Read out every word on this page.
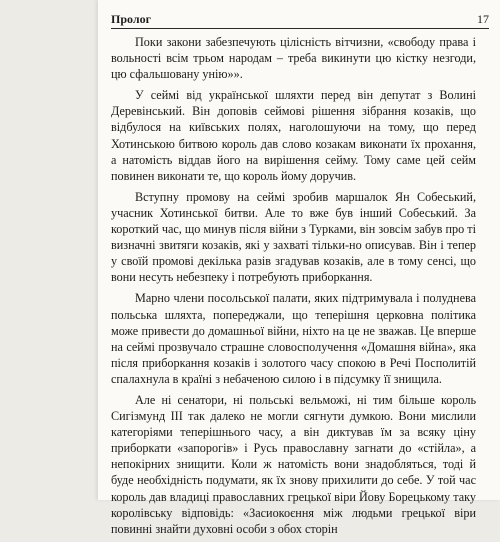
Пролог	17

Поки закони забезпечують цілісність вітчизни, «свободу права і вольності всім трьом народам – треба викинути цю кістку незгоди, цю сфальшовану унію»».

У сеймі від української шляхти перед він депутат з Волині Деревінський. Він доповів сеймові рішення зібрання козаків, що відбулося на київських полях, наголошуючи на тому, що перед Хотинською битвою король дав слово козакам виконати їх прохання, а натомість віддав його на вирішення сейму. Тому саме цей сейм повинен виконати те, що король йому доручив.

Вступну промову на сеймі зробив маршалок Ян Собеський, учасник Хотинської битви. Але то вже був інший Собеський. За короткий час, що минув після війни з Турками, він зовсім забув про ті визначні звитяги козаків, які у захваті тільки-но описував. Він і тепер у своїй промові декілька разів згадував козаків, але в тому сенсі, що вони несуть небезпеку і потребують приборкання.

Марно члени посольської палати, яких підтримувала і полуднева польська шляхта, попереджали, що теперішня церковна політика може привести до домашньої війни, ніхто на це не зважав. Це вперше на сеймі прозвучало страшне словосполучення «Домашня війна», яка після приборкання козаків і золотого часу спокою в Речі Посполитій спалахнула в країні з небаченою силою і в підсумку її знищила.

Але ні сенатори, ні польські вельможі, ні тим більше король Сигізмунд III так далеко не могли сягнути думкою. Вони мислили категоріями теперішнього часу, а він диктував їм за всяку ціну приборкати «запорогів» і Русь православну загнати до «стійла», а непокірних знищити. Коли ж натомість вони знадобляться, тоді й буде необхідність подумати, як їх знову прихилити до себе. У той час король дав владиці православних грецької віри Йову Борецькому таку королівську відповідь: «Засиокоєння між людьми грецької віри повинні знайти духовні особи з обох сторін
